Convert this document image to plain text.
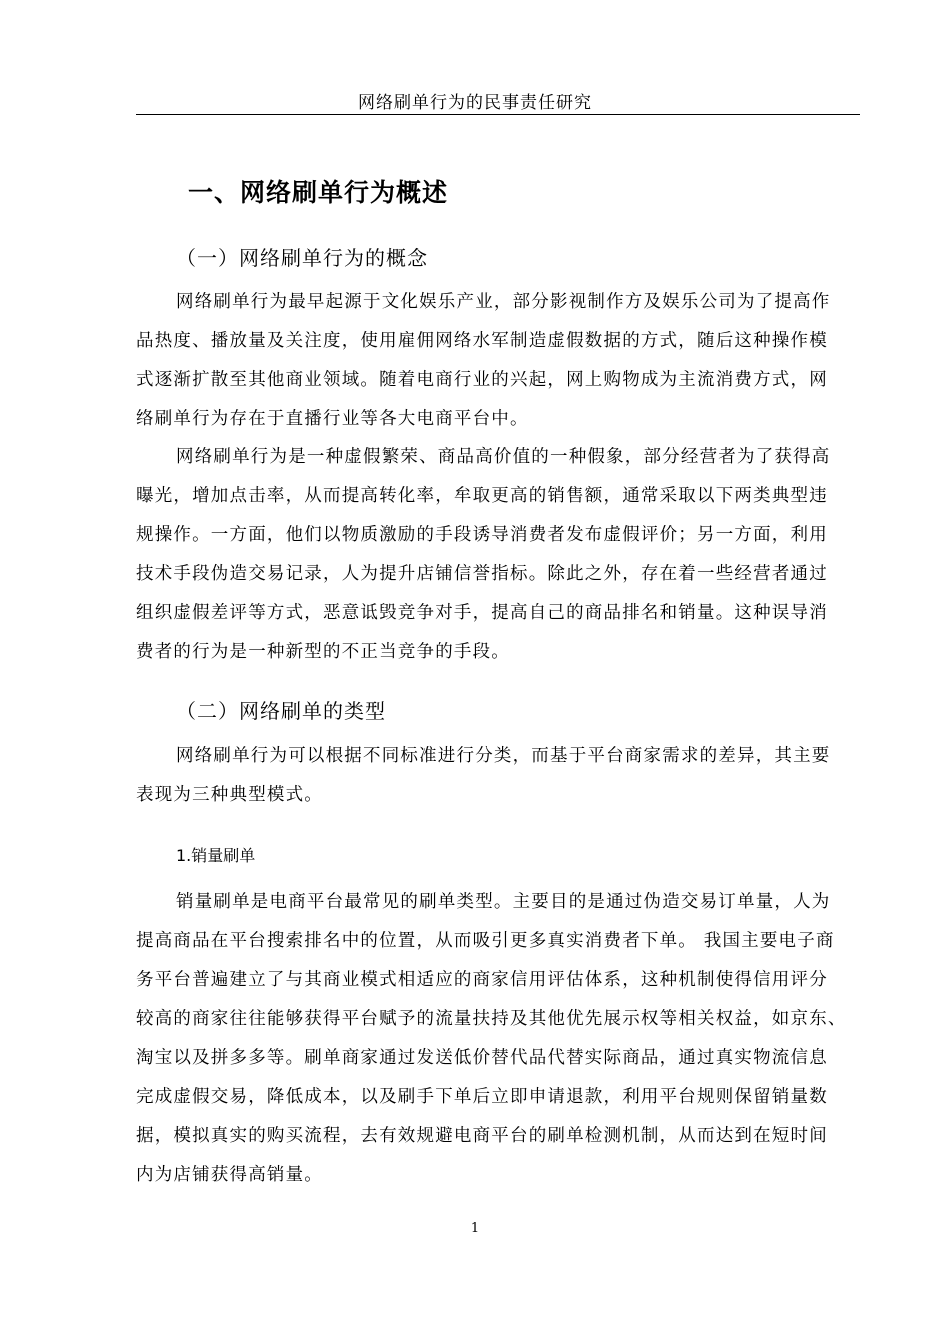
网络刷单行为的民事责任研究
一、网络刷单行为概述
（一）网络刷单行为的概念
网络刷单行为最早起源于文化娱乐产业，部分影视制作方及娱乐公司为了提高作
品热度、播放量及关注度，使用雇佣网络水军制造虚假数据的方式，随后这种操作模
式逐渐扩散至其他商业领域。随着电商行业的兴起，网上购物成为主流消费方式，网
络刷单行为存在于直播行业等各大电商平台中。
网络刷单行为是一种虚假繁荣、商品高价值的一种假象，部分经营者为了获得高
曝光，增加点击率，从而提高转化率，牟取更高的销售额，通常采取以下两类典型违
规操作。一方面，他们以物质激励的手段诱导消费者发布虚假评价；另一方面，利用
技术手段伪造交易记录，人为提升店铺信誉指标。除此之外，存在着一些经营者通过
组织虚假差评等方式，恶意诋毁竞争对手，提高自己的商品排名和销量。这种误导消
费者的行为是一种新型的不正当竞争的手段。
（二）网络刷单的类型
网络刷单行为可以根据不同标准进行分类，而基于平台商家需求的差异，其主要
表现为三种典型模式。
1.销量刷单
销量刷单是电商平台最常见的刷单类型。主要目的是通过伪造交易订单量，人为
提高商品在平台搜索排名中的位置，从而吸引更多真实消费者下单。 我国主要电子商
务平台普遍建立了与其商业模式相适应的商家信用评估体系，这种机制使得信用评分
较高的商家往往能够获得平台赋予的流量扶持及其他优先展示权等相关权益，如京东、
淘宝以及拼多多等。刷单商家通过发送低价替代品代替实际商品，通过真实物流信息
完成虚假交易，降低成本，以及刷手下单后立即申请退款，利用平台规则保留销量数
据，模拟真实的购买流程，去有效规避电商平台的刷单检测机制，从而达到在短时间
内为店铺获得高销量。
1
